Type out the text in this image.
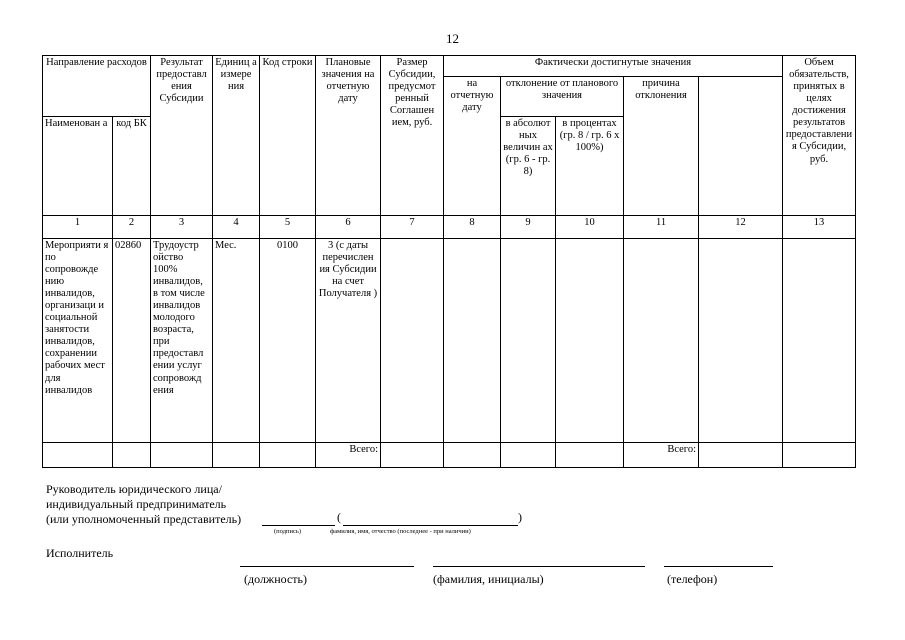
12
Направление расходов		Результат предоставл ения Субсидии	Единиц а измере ния	Код строки	Плановые значения на отчетную дату	Размер Субсидии, предусмот ренный Соглашен ием, руб.	Фактически достигнутые значения					Объем обязательств, принятых в целях достижения результатов предоставлени я Субсидии, руб.	
							на отчетную дату	отклонение от планового значения		причина отклонения			
Наименован а	код БК							в абсолют ных величин ах (гр. 6 - гр. 8)	в процентах (гр. 8 / гр. 6 х 100%)				

1	2	3	4	5	6	7	8	9	10	11	12	13	
Мероприяти я по сопровожде нию инвалидов, организаци и социальной занятости инвалидов, сохранении рабочих мест для инвалидов	02860	Трудоустр ойство 100% инвалидов, в том числе инвалидов молодого возраста, при предоставл ении услуг сопровожд ения	Мес.	0100	3 (с даты перечислен ия Субсидии на счет Получателя )								
					Всего:					Всего:			
Руководитель юридического лица/
индивидуальный предприниматель
(или уполномоченный представитель)	(	)
(подпись)	фамилия, имя, отчество (последнее - при наличии)
Исполнитель
(должность)	(фамилия, инициалы)	(телефон)
